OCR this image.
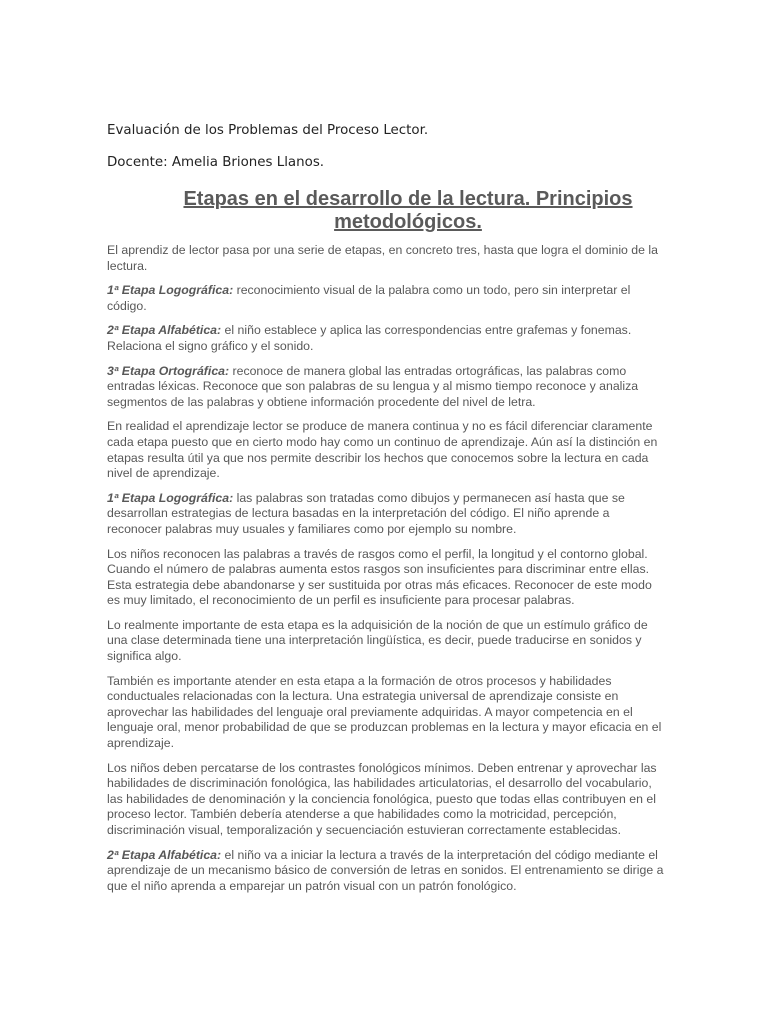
Evaluación de los Problemas del Proceso Lector.
Docente: Amelia Briones Llanos.
Etapas en el desarrollo de la lectura. Principios metodológicos.

El aprendiz de lector pasa por una serie de etapas, en concreto tres, hasta que logra el dominio de la lectura.

1ª Etapa Logográfica: reconocimiento visual de la palabra como un todo, pero sin interpretar el código.

2ª Etapa Alfabética: el niño establece y aplica las correspondencias entre grafemas y fonemas. Relaciona el signo gráfico y el sonido.

3ª Etapa Ortográfica: reconoce de manera global las entradas ortográficas, las palabras como entradas léxicas. Reconoce que son palabras de su lengua y al mismo tiempo reconoce y analiza segmentos de las palabras y obtiene información procedente del nivel de letra.

En realidad el aprendizaje lector se produce de manera continua y no es fácil diferenciar claramente cada etapa puesto que en cierto modo hay como un continuo de aprendizaje. Aún así la distinción en etapas resulta útil ya que nos permite describir los hechos que conocemos sobre la lectura en cada nivel de aprendizaje.

1ª Etapa Logográfica: las palabras son tratadas como dibujos y permanecen así hasta que se desarrollan estrategias de lectura basadas en la interpretación del código. El niño aprende a reconocer palabras muy usuales y familiares como por ejemplo su nombre.

Los niños reconocen las palabras a través de rasgos como el perfil, la longitud y el contorno global. Cuando el número de palabras aumenta estos rasgos son insuficientes para discriminar entre ellas. Esta estrategia debe abandonarse y ser sustituida por otras más eficaces. Reconocer de este modo es muy limitado, el reconocimiento de un perfil es insuficiente para procesar palabras.

Lo realmente importante de esta etapa es la adquisición de la noción de que un estímulo gráfico de una clase determinada tiene una interpretación lingüística, es decir, puede traducirse en sonidos y significa algo.

También es importante atender en esta etapa a la formación de otros procesos y habilidades conductuales relacionadas con la lectura. Una estrategia universal de aprendizaje consiste en aprovechar las habilidades del lenguaje oral previamente adquiridas. A mayor competencia en el lenguaje oral, menor probabilidad de que se produzcan problemas en la lectura y mayor eficacia en el aprendizaje.

Los niños deben percatarse de los contrastes fonológicos mínimos. Deben entrenar y aprovechar las habilidades de discriminación fonológica, las habilidades articulatorias, el desarrollo del vocabulario, las habilidades de denominación y la conciencia fonológica, puesto que todas ellas contribuyen en el proceso lector. También debería atenderse a que habilidades como la motricidad, percepción, discriminación visual, temporalización y secuenciación estuvieran correctamente establecidas.

2ª Etapa Alfabética: el niño va a iniciar la lectura a través de la interpretación del código mediante el aprendizaje de un mecanismo básico de conversión de letras en sonidos. El entrenamiento se dirige a que el niño aprenda a emparejar un patrón visual con un patrón fonológico.
